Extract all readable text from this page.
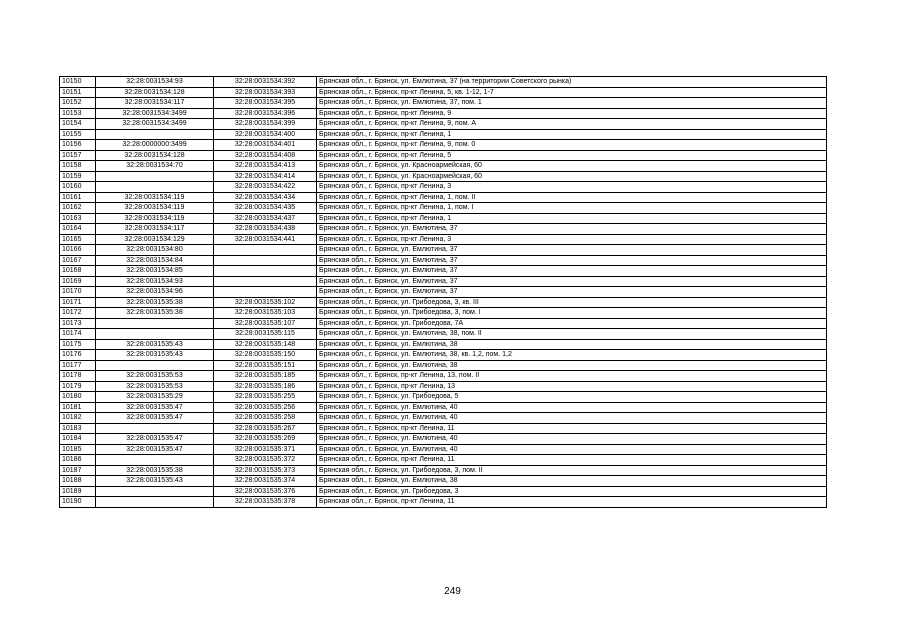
10150	32:28:0031534:93	32:28:0031534:392	Брянская обл., г. Брянск, ул. Емлютина, 37 (на территории Советского рынка)
10151	32:28:0031534:128	32:28:0031534:393	Брянская обл., г. Брянск, пр-кт Ленина, 5, кв. 1-12, 1-7
10152	32:28:0031534:117	32:28:0031534:395	Брянская обл., г. Брянск, ул. Емлютина, 37, пом. 1
10153	32:28:0031534:3499	32:28:0031534:396	Брянская обл., г. Брянск, пр-кт Ленина, 9
10154	32:28:0031534:3499	32:28:0031534:399	Брянская обл., г. Брянск, пр-кт Ленина, 9, пом. А
10155		32:28:0031534:400	Брянская обл., г. Брянск, пр-кт Ленина, 1
10156	32:28:0000000:3499	32:28:0031534:401	Брянская обл., г. Брянск, пр-кт Ленина, 9, пом. 0
10157	32:28:0031534:128	32:28:0031534:408	Брянская обл., г. Брянск, пр-кт Ленина, 5
10158	32:28:0031534:70	32:28:0031534:413	Брянская обл., г. Брянск, ул. Красноармейская, 60
10159		32:28:0031534:414	Брянская обл., г. Брянск, ул. Красноармейская, 60
10160		32:28:0031534:422	Брянская обл., г. Брянск, пр-кт Ленина, 3
10161	32:28:0031534:119	32:28:0031534:434	Брянская обл., г. Брянск, пр-кт Ленина, 1, пом. II
10162	32:28:0031534:119	32:28:0031534:435	Брянская обл., г. Брянск, пр-кт Ленина, 1, пом. I
10163	32:28:0031534:119	32:28:0031534:437	Брянская обл., г. Брянск, пр-кт Ленина, 1
10164	32:28:0031534:117	32:28:0031534:438	Брянская обл., г. Брянск, ул. Емлютина, 37
10165	32:28:0031534:129	32:28:0031534:441	Брянская обл., г. Брянск, пр-кт Ленина, 3
10166	32:28:0031534:80		Брянская обл., г. Брянск, ул. Емлютина, 37
10167	32:28:0031534:84		Брянская обл., г. Брянск, ул. Емлютина, 37
10168	32:28:0031534:85		Брянская обл., г. Брянск, ул. Емлютина, 37
10169	32:28:0031534:93		Брянская обл., г. Брянск, ул. Емлютина, 37
10170	32:28:0031534:96		Брянская обл., г. Брянск, ул. Емлютина, 37
10171	32:28:0031535:38	32:28:0031535:102	Брянская обл., г. Брянск, ул. Грибоедова, 3, кв. III
10172	32:28:0031535:38	32:28:0031535:103	Брянская обл., г. Брянск, ул. Грибоедова, 3, пом. I
10173		32:28:0031535:107	Брянская обл., г. Брянск, ул. Грибоедова, 7А
10174		32:28:0031535:115	Брянская обл., г. Брянск, ул. Емлютина, 38, пом. II
10175	32:28:0031535:43	32:28:0031535:148	Брянская обл., г. Брянск, ул. Емлютина, 38
10176	32:28:0031535:43	32:28:0031535:150	Брянская обл., г. Брянск, ул. Емлютина, 38, кв. 1,2, пом. 1,2
10177		32:28:0031535:151	Брянская обл., г. Брянск, ул. Емлютина, 38
10178	32:28:0031535:53	32:28:0031535:185	Брянская обл., г. Брянск, пр-кт Ленина, 13, пом. II
10179	32:28:0031535:53	32:28:0031535:186	Брянская обл., г. Брянск, пр-кт Ленина, 13
10180	32:28:0031535:29	32:28:0031535:255	Брянская обл., г. Брянск, ул. Грибоедова, 5
10181	32:28:0031535:47	32:28:0031535:256	Брянская обл., г. Брянск, ул. Емлютина, 40
10182	32:28:0031535:47	32:28:0031535:258	Брянская обл., г. Брянск, ул. Емлютина, 40
10183		32:28:0031535:267	Брянская обл., г. Брянск, пр-кт Ленина, 11
10184	32:28:0031535:47	32:28:0031535:269	Брянская обл., г. Брянск, ул. Емлютина, 40
10185	32:28:0031535:47	32:28:0031535:371	Брянская обл., г. Брянск, ул. Емлютина, 40
10186		32:28:0031535:372	Брянская обл., г. Брянск, пр-кт Ленина, 11
10187	32:28:0031535:38	32:28:0031535:373	Брянская обл., г. Брянск, ул. Грибоедова, 3, пом. II
10188	32:28:0031535:43	32:28:0031535:374	Брянская обл., г. Брянск, ул. Емлютина, 38
10189		32:28:0031535:376	Брянская обл., г. Брянск, ул. Грибоедова, 3
10190		32:28:0031535:378	Брянская обл., г. Брянск, пр-кт Ленина, 11
249
